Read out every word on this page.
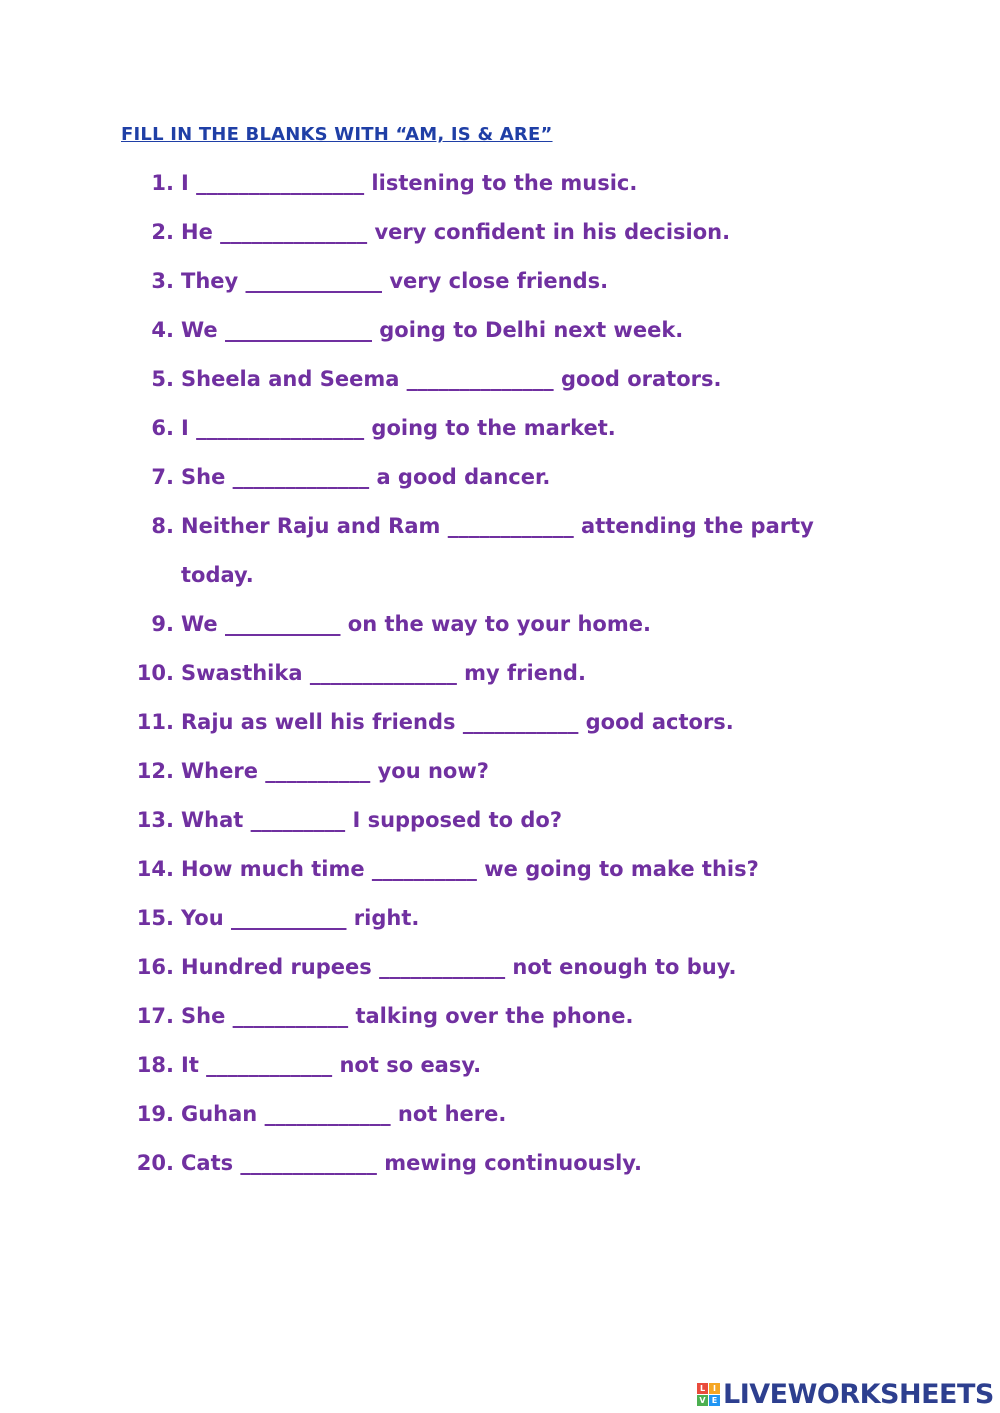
FILL IN THE BLANKS WITH “AM, IS & ARE”
1. I ________________ listening to the music.
2. He ______________ very confident in his decision.
3. They _____________ very close friends.
4. We ______________ going to Delhi next week.
5. Sheela and Seema ______________ good orators.
6. I ________________ going to the market.
7. She _____________ a good dancer.
8. Neither Raju and Ram ____________ attending the party
today.
9. We ___________ on the way to your home.
10. Swasthika ______________ my friend.
11. Raju as well his friends ___________ good actors.
12. Where __________ you now?
13. What _________ I supposed to do?
14. How much time __________ we going to make this?
15. You ___________ right.
16. Hundred rupees ____________ not enough to buy.
17. She ___________ talking over the phone.
18. It ____________ not so easy.
19. Guhan ____________ not here.
20. Cats _____________ mewing continuously.
L I
V E LIVEWORKSHEETS
